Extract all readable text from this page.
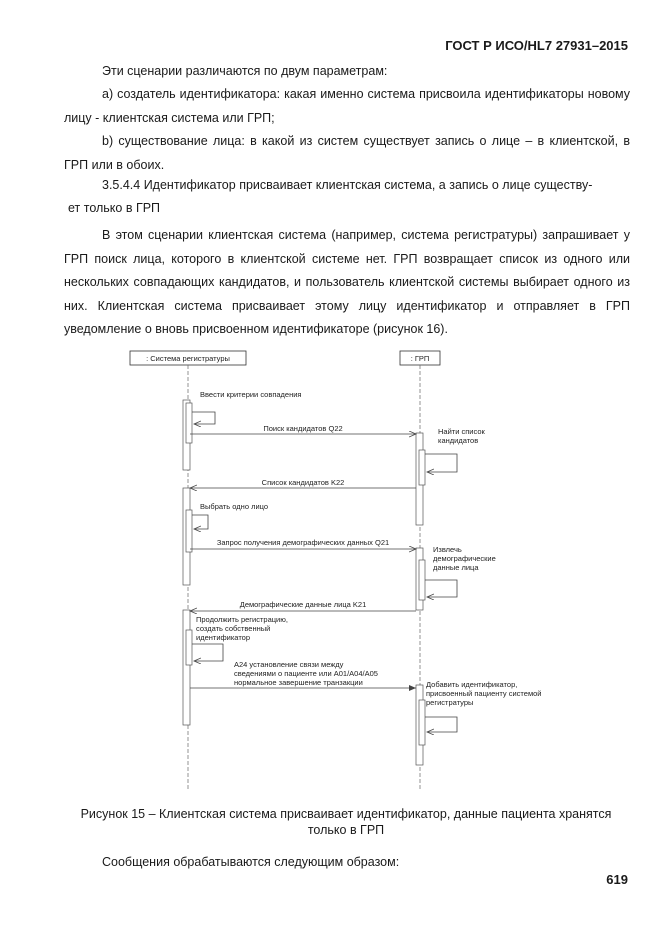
ГОСТ Р ИСО/HL7 27931–2015
Эти сценарии различаются по двум параметрам:
а) создатель идентификатора: какая именно система присвоила идентификаторы новому лицу - клиентская система или ГРП;
b) существование лица: в какой из систем существует запись о лице – в клиентской, в ГРП или в обоих.
3.5.4.4 Идентификатор присваивает клиентская система, а запись о лице существу-
ет только в ГРП
В этом сценарии клиентская система (например, система регистратуры) запрашивает у ГРП поиск лица, которого в клиентской системе нет. ГРП возвращает список из одного или нескольких совпадающих кандидатов, и пользователь клиентской системы выбирает одного из них. Клиентская система присваивает этому лицу идентификатор и отправляет в ГРП уведомление о вновь присвоенном идентификаторе (рисунок 16).
: Система регистратуры	: ГРП
Ввести критерии совпадения
Поиск кандидатов Q22	Найти список
кандидатов
Список кандидатов K22
Выбрать одно лицо
Запрос получения демографических данных Q21
Извлечь
демографические
данные лица
Демографические данные лица K21
Продолжить регистрацию,
создать собственный
идентификатор
A24 установление связи между
сведениями о пациенте или A01/A04/A05
нормальное завершение транзакции	Добавить идентификатор,
присвоенный пациенту системой
регистратуры
Рисунок 15 – Клиентская система присваивает идентификатор, данные пациента хранятся
только в ГРП
Сообщения обрабатываются следующим образом:
619
